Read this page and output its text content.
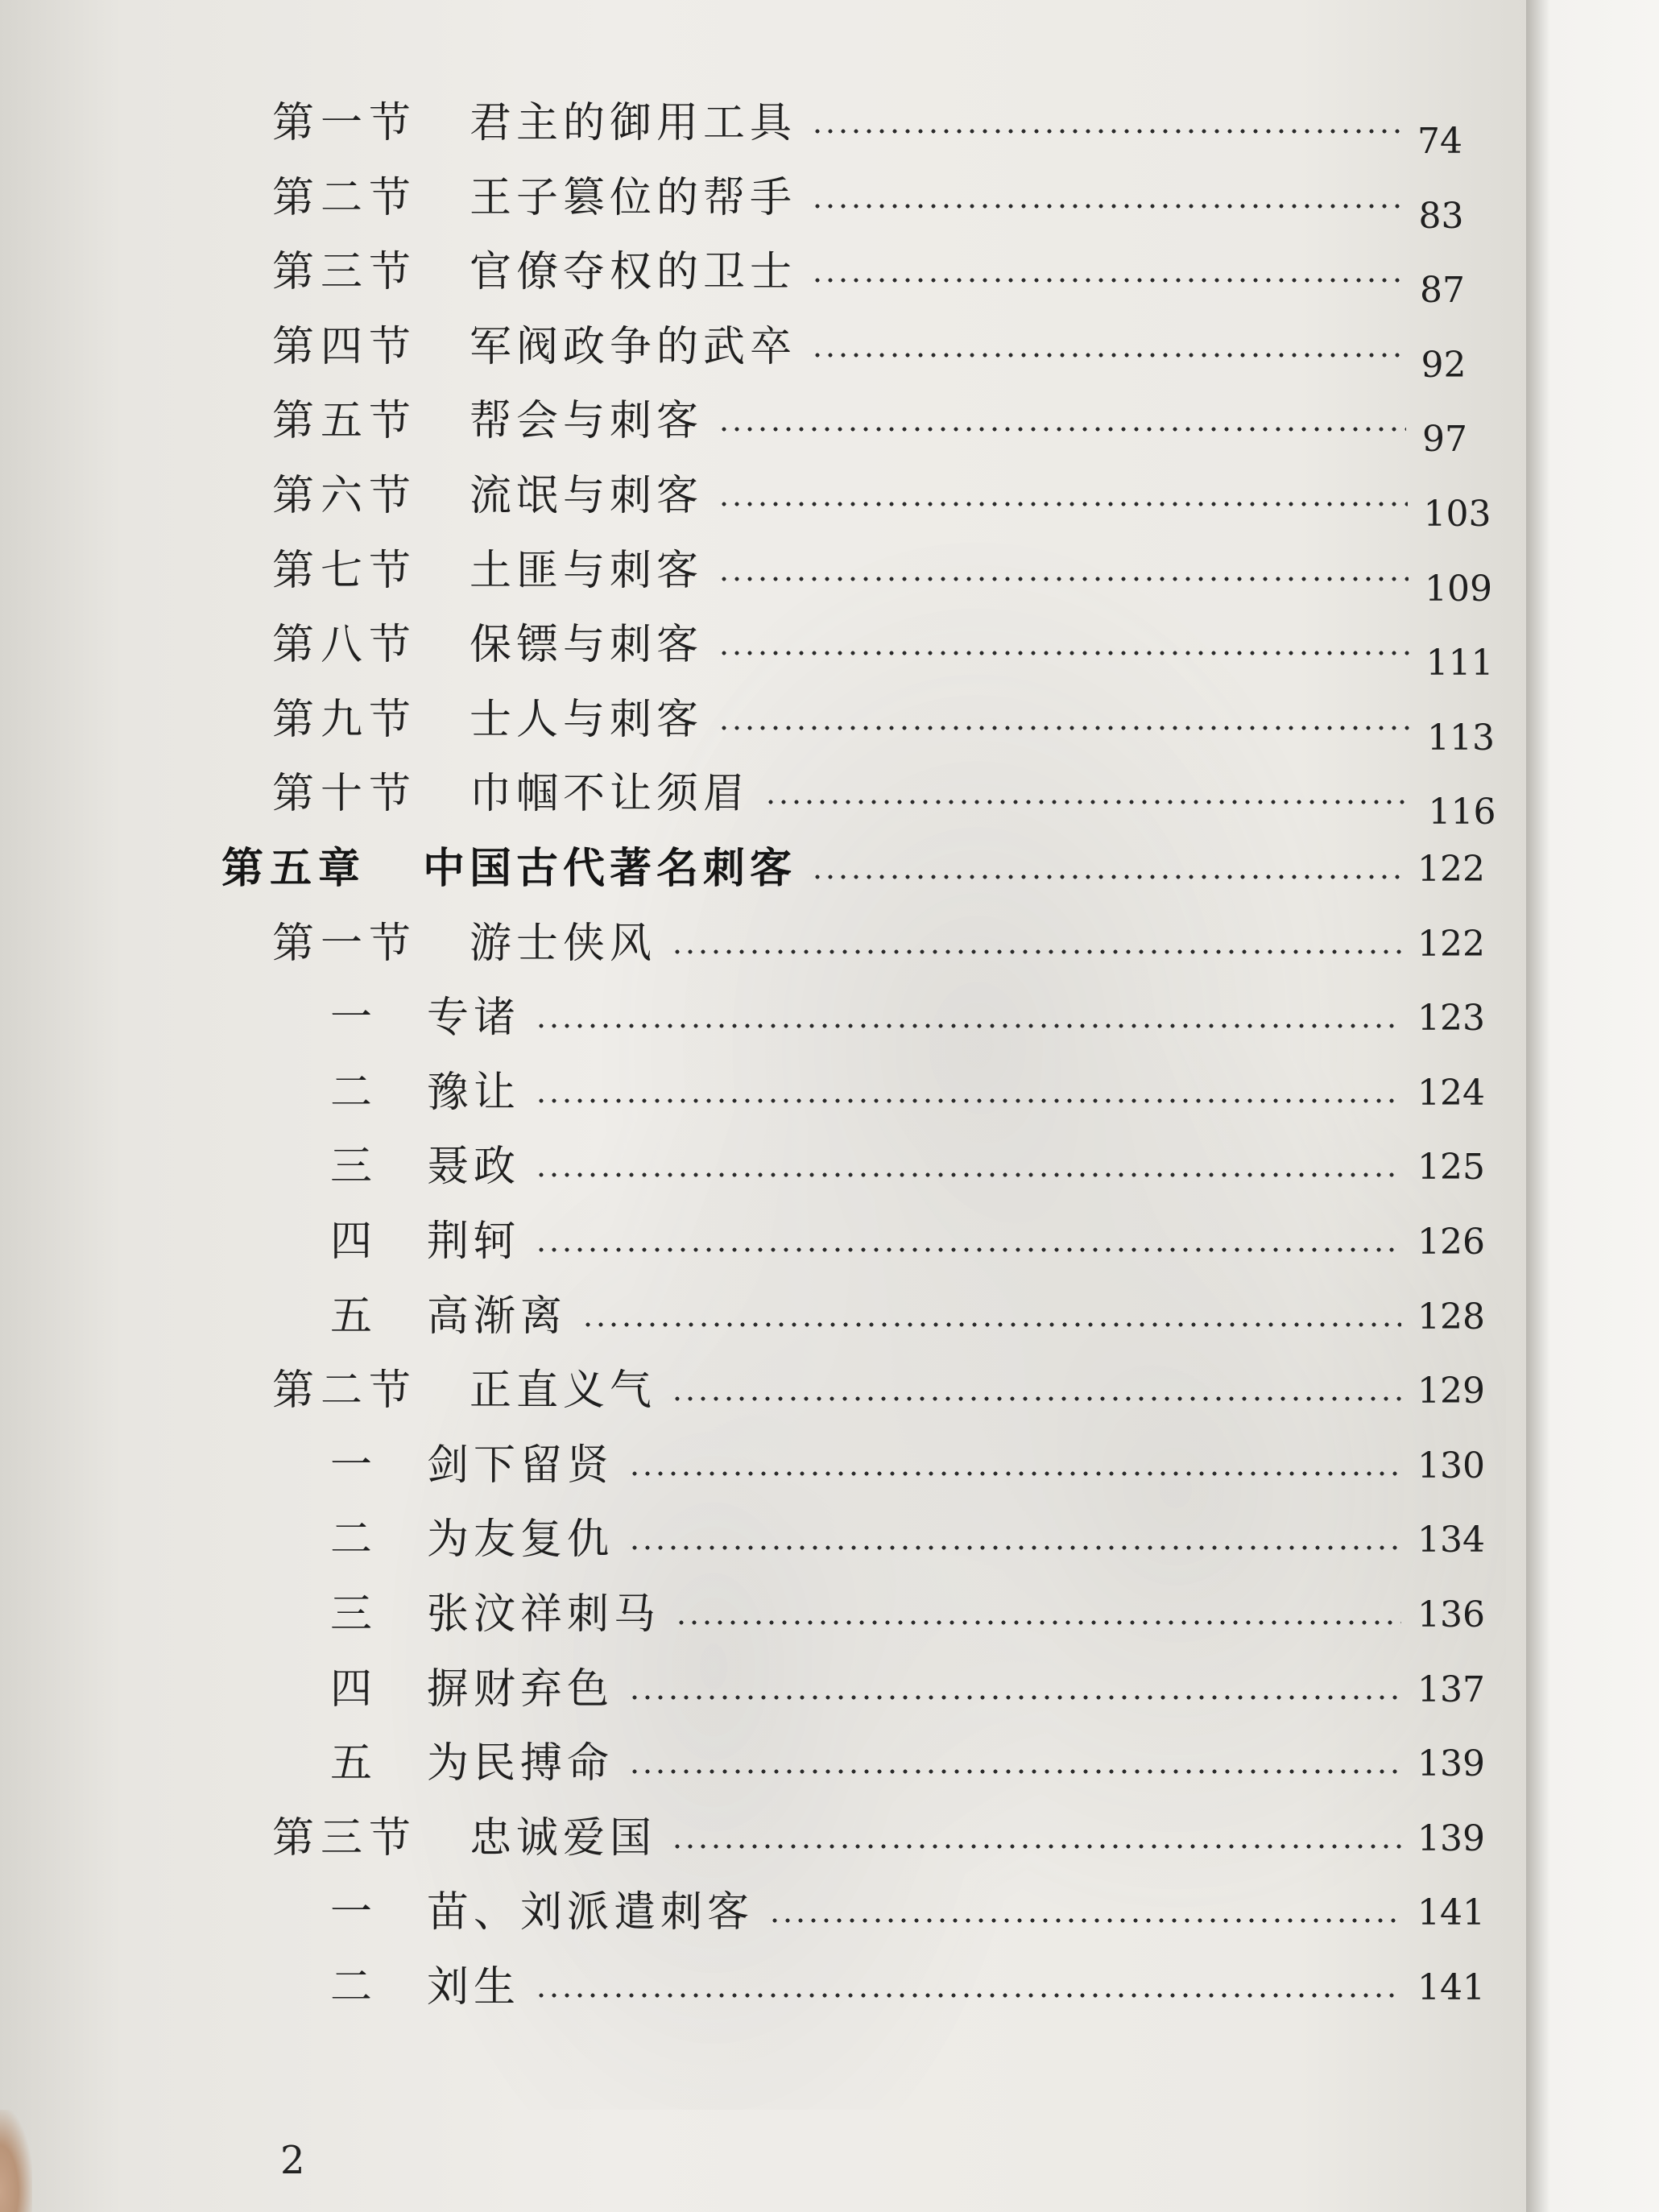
第一节 君主的御用工具	74
第二节 王子篡位的帮手	83
第三节 官僚夺权的卫士	87
第四节 军阀政争的武卒	92
第五节 帮会与刺客	97
第六节 流氓与刺客	103
第七节 土匪与刺客	109
第八节 保镖与刺客	111
第九节 士人与刺客	113
第十节 巾帼不让须眉	116
第五章 中国古代著名刺客	122
第一节 游士侠风	122
一 专诸	123
二 豫让	124
三 聂政	125
四 荆轲	126
五 高渐离	128
第二节 正直义气	129
一 剑下留贤	130
二 为友复仇	134
三 张汶祥刺马	136
四 摒财弃色	137
五 为民搏命	139
第三节 忠诚爱国	139
一 苗、刘派遣刺客	141
二 刘生	141
2
